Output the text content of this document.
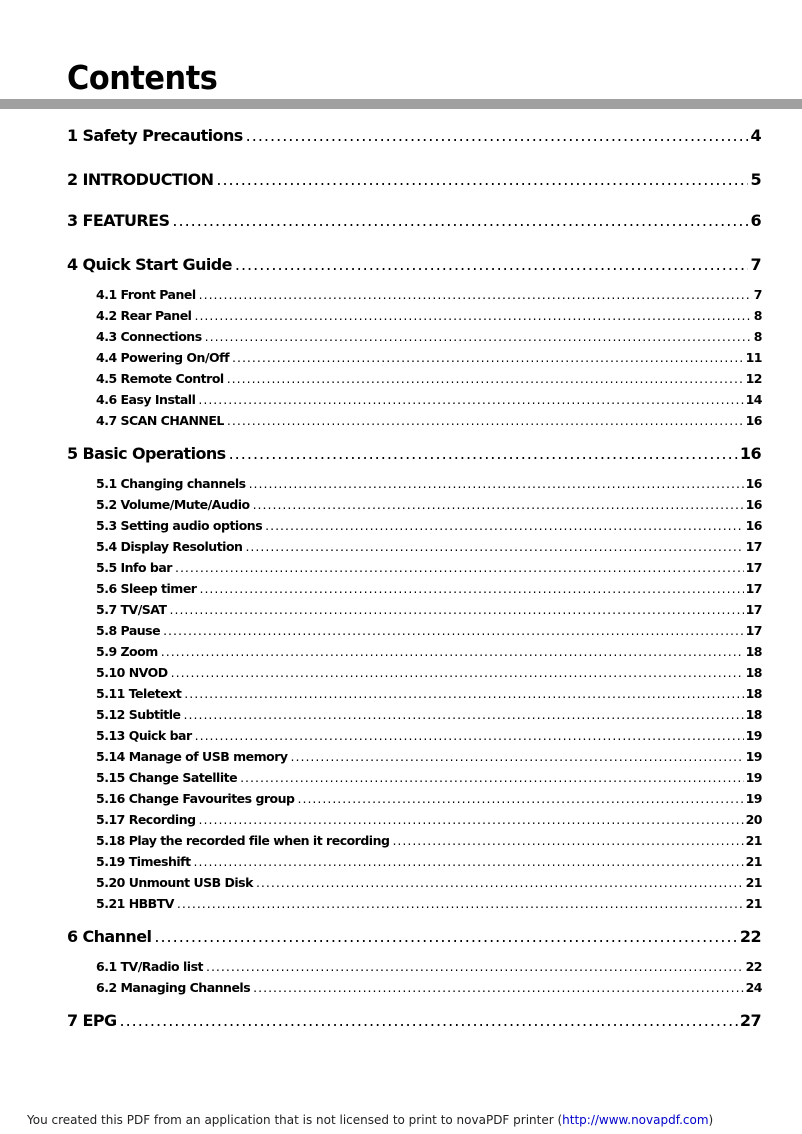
Contents
1 Safety Precautions .....	4
2 INTRODUCTION .....	5
3 FEATURES .....	6
4 Quick Start Guide .....	7
4.1 Front Panel .....	7
4.2 Rear Panel .....	8
4.3 Connections .....	8
4.4 Powering On/Off .....	11
4.5 Remote Control .....	12
4.6 Easy Install .....	14
4.7 SCAN CHANNEL .....	16
5 Basic Operations .....	16
5.1 Changing channels .....	16
5.2 Volume/Mute/Audio .....	16
5.3 Setting audio options .....	16
5.4 Display Resolution .....	17
5.5 Info bar .....	17
5.6 Sleep timer .....	17
5.7 TV/SAT .....	17
5.8 Pause .....	17
5.9 Zoom .....	18
5.10 NVOD .....	18
5.11 Teletext .....	18
5.12 Subtitle .....	18
5.13 Quick bar .....	19
5.14 Manage of USB memory .....	19
5.15 Change Satellite .....	19
5.16 Change Favourites group .....	19
5.17 Recording .....	20
5.18 Play the recorded file when it recording .....	21
5.19 Timeshift .....	21
5.20 Unmount USB Disk .....	21
5.21 HBBTV .....	21
6 Channel .....	22
6.1 TV/Radio list .....	22
6.2 Managing Channels .....	24
7 EPG .....	27
You created this PDF from an application that is not licensed to print to novaPDF printer (http://www.novapdf.com)
